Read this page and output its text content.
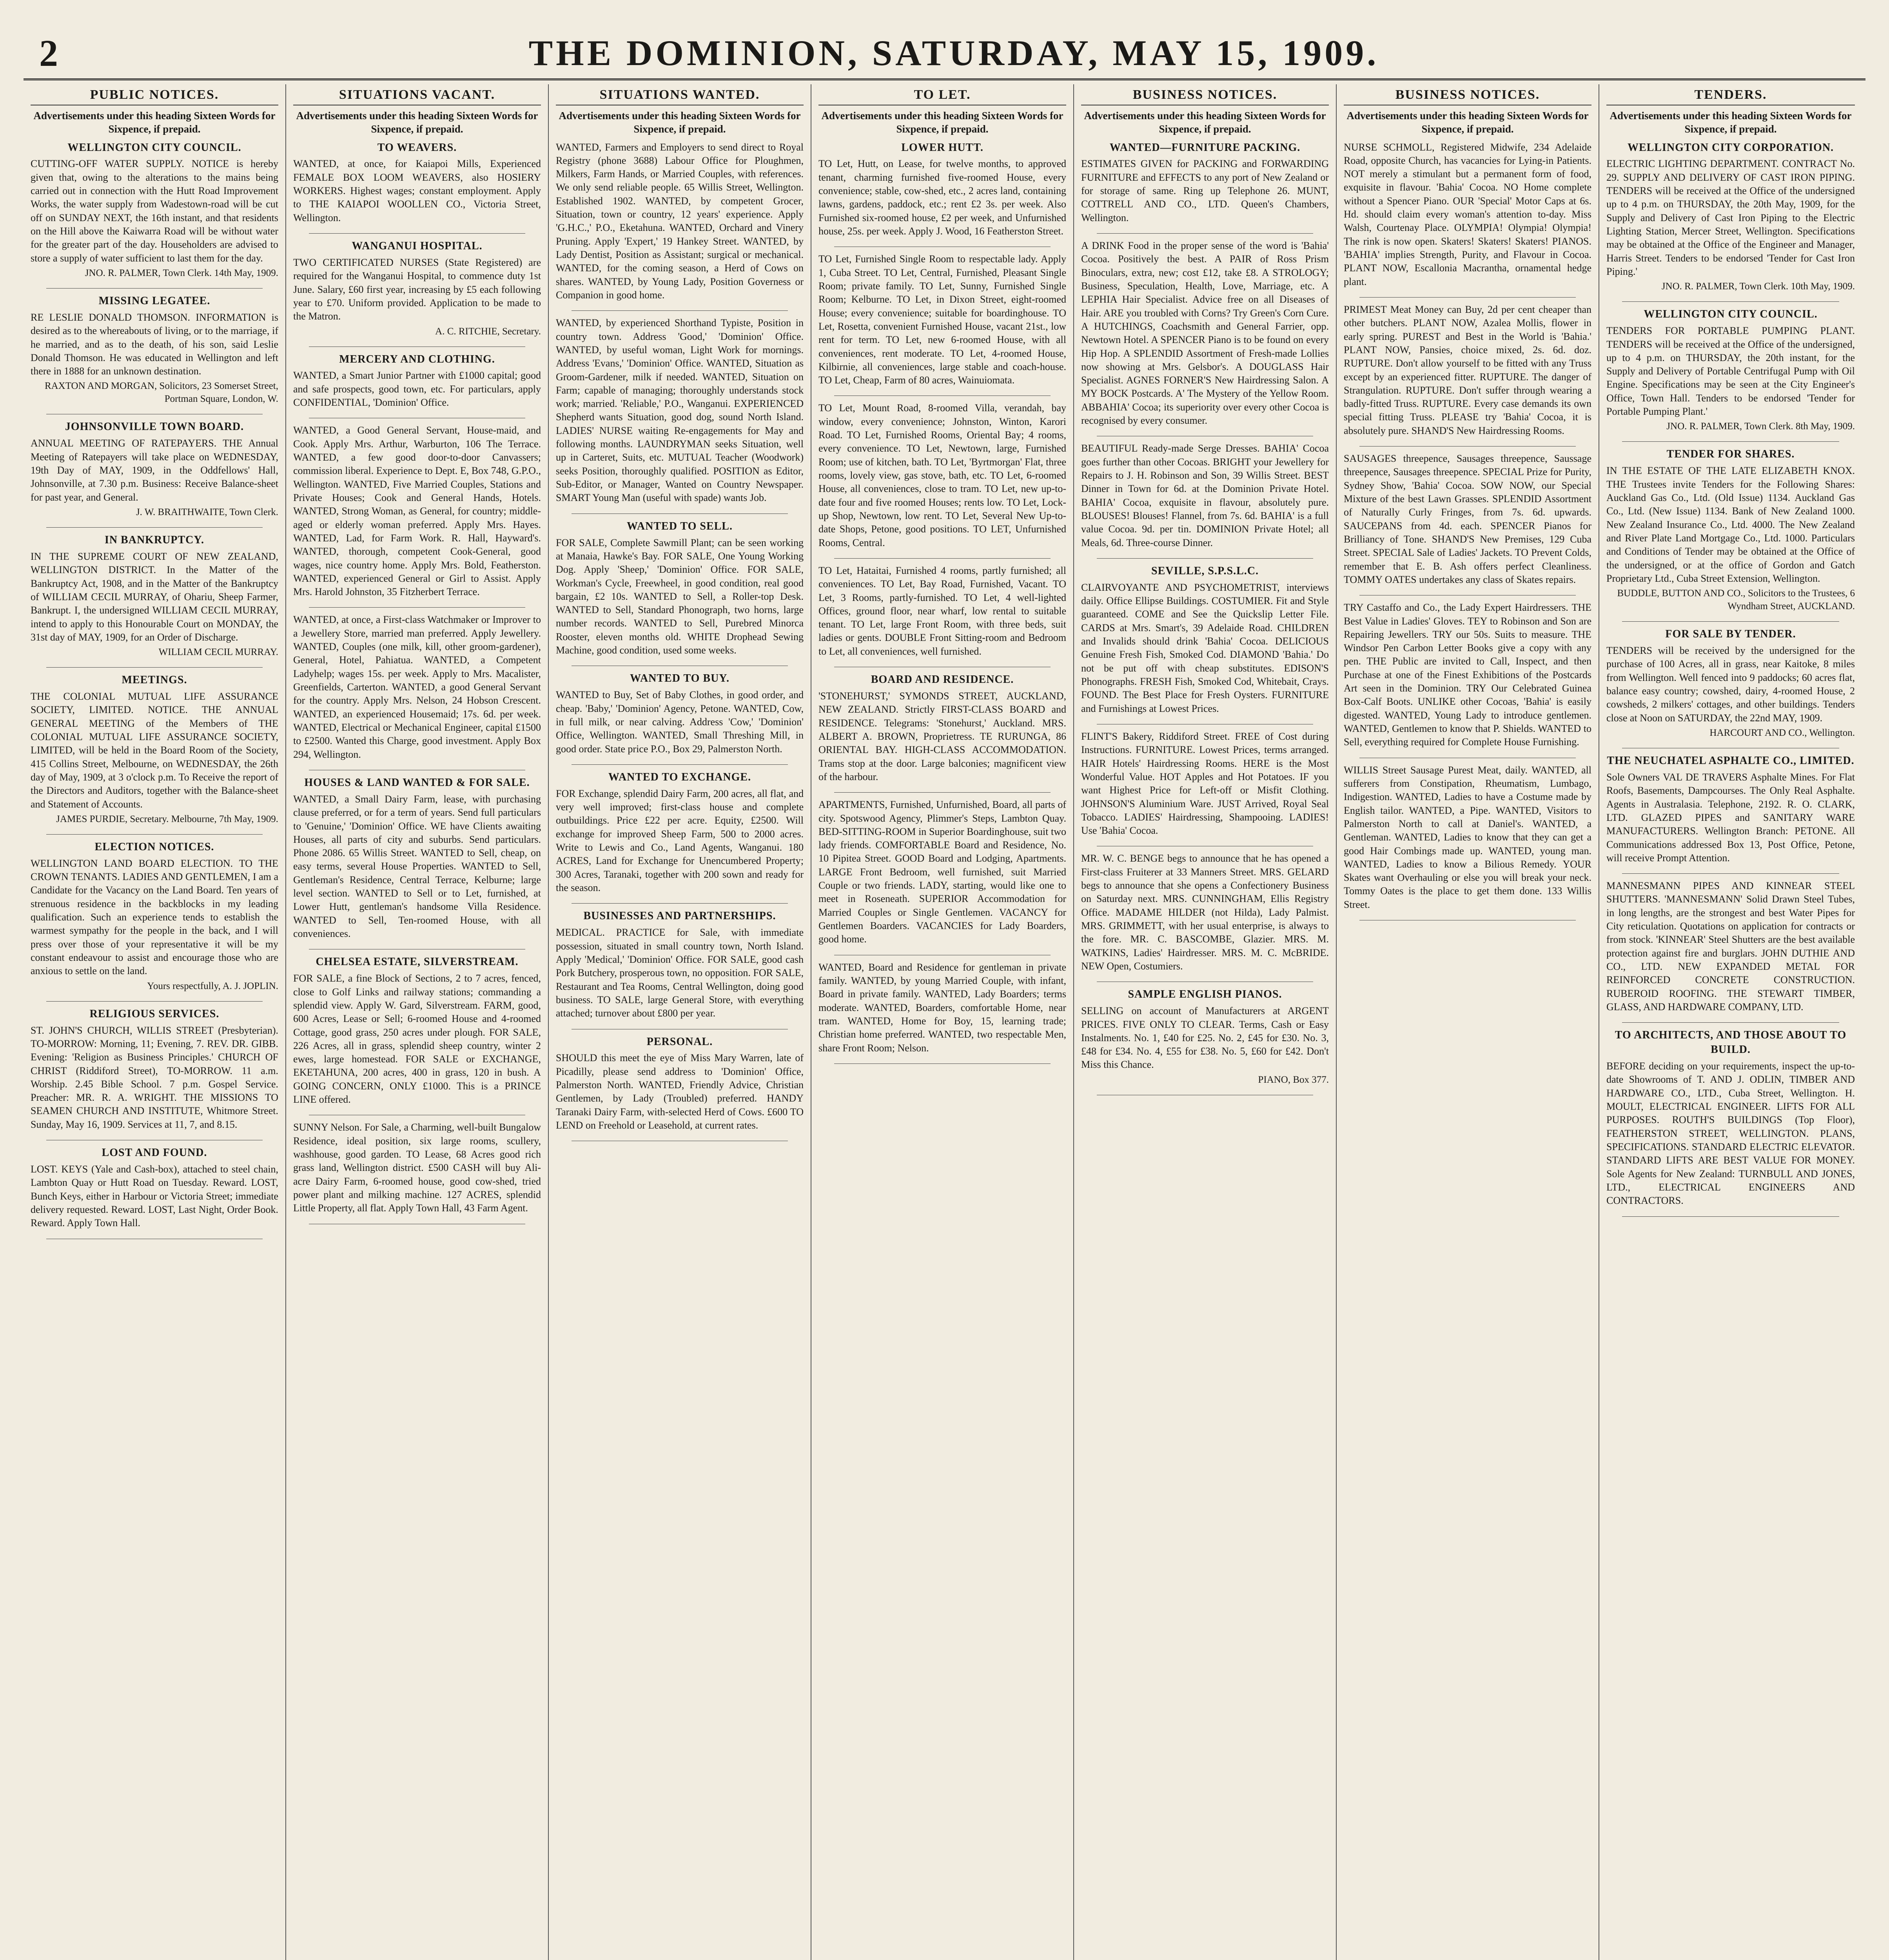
2	THE DOMINION, SATURDAY, MAY 15, 1909.
PUBLIC NOTICES.
Advertisements under this heading Sixteen Words for Sixpence, if prepaid.
WELLINGTON CITY COUNCIL.
CUTTING-OFF WATER SUPPLY. NOTICE is hereby given that, owing to the alterations to the mains being carried out in connection with the Hutt Road Improvement Works, the water supply from Wadestown-road will be cut off on SUNDAY NEXT, the 16th instant, and that residents on the Hill above the Kaiwarra Road will be without water for the greater part of the day. Householders are advised to store a supply of water sufficient to last them for the day.
JNO. R. PALMER, Town Clerk. 14th May, 1909.
MISSING LEGATEE.
RE LESLIE DONALD THOMSON. INFORMATION is desired as to the whereabouts of living, or to the marriage, if he married, and as to the death, of his son, said Leslie Donald Thomson. He was educated in Wellington and left there in 1888 for an unknown destination.
RAXTON AND MORGAN, Solicitors, 23 Somerset Street, Portman Square, London, W.
JOHNSONVILLE TOWN BOARD.
ANNUAL MEETING OF RATEPAYERS. THE Annual Meeting of Ratepayers will take place on WEDNESDAY, 19th Day of MAY, 1909, in the Oddfellows' Hall, Johnsonville, at 7.30 p.m. Business: Receive Balance-sheet for past year, and General.
J. W. BRAITHWAITE, Town Clerk.
IN BANKRUPTCY.
IN THE SUPREME COURT OF NEW ZEALAND, WELLINGTON DISTRICT. In the Matter of the Bankruptcy Act, 1908, and in the Matter of the Bankruptcy of WILLIAM CECIL MURRAY, of Ohariu, Sheep Farmer, Bankrupt. I, the undersigned WILLIAM CECIL MURRAY, intend to apply to this Honourable Court on MONDAY, the 31st day of MAY, 1909, for an Order of Discharge.
WILLIAM CECIL MURRAY.
MEETINGS.
THE COLONIAL MUTUAL LIFE ASSURANCE SOCIETY, LIMITED. NOTICE. THE ANNUAL GENERAL MEETING of the Members of THE COLONIAL MUTUAL LIFE ASSURANCE SOCIETY, LIMITED, will be held in the Board Room of the Society, 415 Collins Street, Melbourne, on WEDNESDAY, the 26th day of May, 1909, at 3 o'clock p.m. To Receive the report of the Directors and Auditors, together with the Balance-sheet and Statement of Accounts.
JAMES PURDIE, Secretary. Melbourne, 7th May, 1909.
ELECTION NOTICES.
WELLINGTON LAND BOARD ELECTION. TO THE CROWN TENANTS. LADIES AND GENTLEMEN, I am a Candidate for the Vacancy on the Land Board. Ten years of strenuous residence in the backblocks in my leading qualification. Such an experience tends to establish the warmest sympathy for the people in the back, and I will press over those of your representative it will be my constant endeavour to assist and encourage those who are anxious to settle on the land.
Yours respectfully, A. J. JOPLIN.
RELIGIOUS SERVICES.
ST. JOHN'S CHURCH, WILLIS STREET (Presbyterian). TO-MORROW: Morning, 11; Evening, 7. REV. DR. GIBB. Evening: 'Religion as Business Principles.' CHURCH OF CHRIST (Riddiford Street), TO-MORROW. 11 a.m. Worship. 2.45 Bible School. 7 p.m. Gospel Service. Preacher: MR. R. A. WRIGHT. THE MISSIONS TO SEAMEN CHURCH AND INSTITUTE, Whitmore Street. Sunday, May 16, 1909. Services at 11, 7, and 8.15.
LOST AND FOUND.
LOST. KEYS (Yale and Cash-box), attached to steel chain, Lambton Quay or Hutt Road on Tuesday. Reward. LOST, Bunch Keys, either in Harbour or Victoria Street; immediate delivery requested. Reward. LOST, Last Night, Order Book. Reward. Apply Town Hall.
SITUATIONS VACANT.
Advertisements under this heading Sixteen Words for Sixpence, if prepaid.
TO WEAVERS.
WANTED, at once, for Kaiapoi Mills, Experienced FEMALE BOX LOOM WEAVERS, also HOSIERY WORKERS. Highest wages; constant employment. Apply to THE KAIAPOI WOOLLEN CO., Victoria Street, Wellington.
WANGANUI HOSPITAL.
TWO CERTIFICATED NURSES (State Registered) are required for the Wanganui Hospital, to commence duty 1st June. Salary, £60 first year, increasing by £5 each following year to £70. Uniform provided. Application to be made to the Matron.
A. C. RITCHIE, Secretary.
MERCERY AND CLOTHING.
WANTED, a Smart Junior Partner with £1000 capital; good and safe prospects, good town, etc. For particulars, apply CONFIDENTIAL, 'Dominion' Office.
WANTED, a Good General Servant, House-maid, and Cook. Apply Mrs. Arthur, Warburton, 106 The Terrace. WANTED, a few good door-to-door Canvassers; commission liberal. Experience to Dept. E, Box 748, G.P.O., Wellington. WANTED, Five Married Couples, Stations and Private Houses; Cook and General Hands, Hotels. WANTED, Strong Woman, as General, for country; middle-aged or elderly woman preferred. Apply Mrs. Hayes. WANTED, Lad, for Farm Work. R. Hall, Hayward's. WANTED, thorough, competent Cook-General, good wages, nice country home. Apply Mrs. Bold, Featherston. WANTED, experienced General or Girl to Assist. Apply Mrs. Harold Johnston, 35 Fitzherbert Terrace.
WANTED, at once, a First-class Watchmaker or Improver to a Jewellery Store, married man preferred. Apply Jewellery. WANTED, Couples (one milk, kill, other groom-gardener), General, Hotel, Pahiatua. WANTED, a Competent Ladyhelp; wages 15s. per week. Apply to Mrs. Macalister, Greenfields, Carterton. WANTED, a good General Servant for the country. Apply Mrs. Nelson, 24 Hobson Crescent. WANTED, an experienced Housemaid; 17s. 6d. per week. WANTED, Electrical or Mechanical Engineer, capital £1500 to £2500. Wanted this Charge, good investment. Apply Box 294, Wellington.
HOUSES & LAND WANTED & FOR SALE.
WANTED, a Small Dairy Farm, lease, with purchasing clause preferred, or for a term of years. Send full particulars to 'Genuine,' 'Dominion' Office. WE have Clients awaiting Houses, all parts of city and suburbs. Send particulars. Phone 2086. 65 Willis Street. WANTED to Sell, cheap, on easy terms, several House Properties. WANTED to Sell, Gentleman's Residence, Central Terrace, Kelburne; large level section. WANTED to Sell or to Let, furnished, at Lower Hutt, gentleman's handsome Villa Residence. WANTED to Sell, Ten-roomed House, with all conveniences.
CHELSEA ESTATE, SILVERSTREAM.
FOR SALE, a fine Block of Sections, 2 to 7 acres, fenced, close to Golf Links and railway stations; commanding a splendid view. Apply W. Gard, Silverstream. FARM, good, 600 Acres, Lease or Sell; 6-roomed House and 4-roomed Cottage, good grass, 250 acres under plough. FOR SALE, 226 Acres, all in grass, splendid sheep country, winter 2 ewes, large homestead. FOR SALE or EXCHANGE, EKETAHUNA, 200 acres, 400 in grass, 120 in bush. A GOING CONCERN, ONLY £1000. This is a PRINCE LINE offered.
SUNNY Nelson. For Sale, a Charming, well-built Bungalow Residence, ideal position, six large rooms, scullery, washhouse, good garden. TO Lease, 68 Acres good rich grass land, Wellington district. £500 CASH will buy Ali-acre Dairy Farm, 6-roomed house, good cow-shed, tried power plant and milking machine. 127 ACRES, splendid Little Property, all flat. Apply Town Hall, 43 Farm Agent.
SITUATIONS WANTED.
Advertisements under this heading Sixteen Words for Sixpence, if prepaid.
WANTED, Farmers and Employers to send direct to Royal Registry (phone 3688) Labour Office for Ploughmen, Milkers, Farm Hands, or Married Couples, with references. We only send reliable people. 65 Willis Street, Wellington. Established 1902. WANTED, by competent Grocer, Situation, town or country, 12 years' experience. Apply 'G.H.C.,' P.O., Eketahuna. WANTED, Orchard and Vinery Pruning. Apply 'Expert,' 19 Hankey Street. WANTED, by Lady Dentist, Position as Assistant; surgical or mechanical. WANTED, for the coming season, a Herd of Cows on shares. WANTED, by Young Lady, Position Governess or Companion in good home.
WANTED, by experienced Shorthand Typiste, Position in country town. Address 'Good,' 'Dominion' Office. WANTED, by useful woman, Light Work for mornings. Address 'Evans,' 'Dominion' Office. WANTED, Situation as Groom-Gardener, milk if needed. WANTED, Situation on Farm; capable of managing; thoroughly understands stock work; married. 'Reliable,' P.O., Wanganui. EXPERIENCED Shepherd wants Situation, good dog, sound North Island. LADIES' NURSE waiting Re-engagements for May and following months. LAUNDRYMAN seeks Situation, well up in Carteret, Suits, etc. MUTUAL Teacher (Woodwork) seeks Position, thoroughly qualified. POSITION as Editor, Sub-Editor, or Manager, Wanted on Country Newspaper. SMART Young Man (useful with spade) wants Job.
WANTED TO SELL.
FOR SALE, Complete Sawmill Plant; can be seen working at Manaia, Hawke's Bay. FOR SALE, One Young Working Dog. Apply 'Sheep,' 'Dominion' Office. FOR SALE, Workman's Cycle, Freewheel, in good condition, real good bargain, £2 10s. WANTED to Sell, a Roller-top Desk. WANTED to Sell, Standard Phonograph, two horns, large number records. WANTED to Sell, Purebred Minorca Rooster, eleven months old. WHITE Drophead Sewing Machine, good condition, used some weeks.
WANTED TO BUY.
WANTED to Buy, Set of Baby Clothes, in good order, and cheap. 'Baby,' 'Dominion' Agency, Petone. WANTED, Cow, in full milk, or near calving. Address 'Cow,' 'Dominion' Office, Wellington. WANTED, Small Threshing Mill, in good order. State price P.O., Box 29, Palmerston North.
WANTED TO EXCHANGE.
FOR Exchange, splendid Dairy Farm, 200 acres, all flat, and very well improved; first-class house and complete outbuildings. Price £22 per acre. Equity, £2500. Will exchange for improved Sheep Farm, 500 to 2000 acres. Write to Lewis and Co., Land Agents, Wanganui. 180 ACRES, Land for Exchange for Unencumbered Property; 300 Acres, Taranaki, together with 200 sown and ready for the season.
BUSINESSES AND PARTNERSHIPS.
MEDICAL. PRACTICE for Sale, with immediate possession, situated in small country town, North Island. Apply 'Medical,' 'Dominion' Office. FOR SALE, good cash Pork Butchery, prosperous town, no opposition. FOR SALE, Restaurant and Tea Rooms, Central Wellington, doing good business. TO SALE, large General Store, with everything attached; turnover about £800 per year.
PERSONAL.
SHOULD this meet the eye of Miss Mary Warren, late of Picadilly, please send address to 'Dominion' Office, Palmerston North. WANTED, Friendly Advice, Christian Gentlemen, by Lady (Troubled) preferred. HANDY Taranaki Dairy Farm, with-selected Herd of Cows. £600 TO LEND on Freehold or Leasehold, at current rates.
TO LET.
Advertisements under this heading Sixteen Words for Sixpence, if prepaid.
LOWER HUTT.
TO Let, Hutt, on Lease, for twelve months, to approved tenant, charming furnished five-roomed House, every convenience; stable, cow-shed, etc., 2 acres land, containing lawns, gardens, paddock, etc.; rent £2 3s. per week. Also Furnished six-roomed house, £2 per week, and Unfurnished house, 25s. per week. Apply J. Wood, 16 Featherston Street.
TO Let, Furnished Single Room to respectable lady. Apply 1, Cuba Street. TO Let, Central, Furnished, Pleasant Single Room; private family. TO Let, Sunny, Furnished Single Room; Kelburne. TO Let, in Dixon Street, eight-roomed House; every convenience; suitable for boardinghouse. TO Let, Rosetta, convenient Furnished House, vacant 21st., low rent for term. TO Let, new 6-roomed House, with all conveniences, rent moderate. TO Let, 4-roomed House, Kilbirnie, all conveniences, large stable and coach-house. TO Let, Cheap, Farm of 80 acres, Wainuiomata.
TO Let, Mount Road, 8-roomed Villa, verandah, bay window, every convenience; Johnston, Winton, Karori Road. TO Let, Furnished Rooms, Oriental Bay; 4 rooms, every convenience. TO Let, Newtown, large, Furnished Room; use of kitchen, bath. TO Let, 'Byrtmorgan' Flat, three rooms, lovely view, gas stove, bath, etc. TO Let, 6-roomed House, all conveniences, close to tram. TO Let, new up-to-date four and five roomed Houses; rents low. TO Let, Lock-up Shop, Newtown, low rent. TO Let, Several New Up-to-date Shops, Petone, good positions. TO LET, Unfurnished Rooms, Central.
TO Let, Hataitai, Furnished 4 rooms, partly furnished; all conveniences. TO Let, Bay Road, Furnished, Vacant. TO Let, 3 Rooms, partly-furnished. TO Let, 4 well-lighted Offices, ground floor, near wharf, low rental to suitable tenant. TO Let, large Front Room, with three beds, suit ladies or gents. DOUBLE Front Sitting-room and Bedroom to Let, all conveniences, well furnished.
BOARD AND RESIDENCE.
'STONEHURST,' SYMONDS STREET, AUCKLAND, NEW ZEALAND. Strictly FIRST-CLASS BOARD and RESIDENCE. Telegrams: 'Stonehurst,' Auckland. MRS. ALBERT A. BROWN, Proprietress. TE RURUNGA, 86 ORIENTAL BAY. HIGH-CLASS ACCOMMODATION. Trams stop at the door. Large balconies; magnificent view of the harbour.
APARTMENTS, Furnished, Unfurnished, Board, all parts of city. Spotswood Agency, Plimmer's Steps, Lambton Quay. BED-SITTING-ROOM in Superior Boardinghouse, suit two lady friends. COMFORTABLE Board and Residence, No. 10 Pipitea Street. GOOD Board and Lodging, Apartments. LARGE Front Bedroom, well furnished, suit Married Couple or two friends. LADY, starting, would like one to meet in Roseneath. SUPERIOR Accommodation for Married Couples or Single Gentlemen. VACANCY for Gentlemen Boarders. VACANCIES for Lady Boarders, good home.
WANTED, Board and Residence for gentleman in private family. WANTED, by young Married Couple, with infant, Board in private family. WANTED, Lady Boarders; terms moderate. WANTED, Boarders, comfortable Home, near tram. WANTED, Home for Boy, 15, learning trade; Christian home preferred. WANTED, two respectable Men, share Front Room; Nelson.
BUSINESS NOTICES.
Advertisements under this heading Sixteen Words for Sixpence, if prepaid.
WANTED—FURNITURE PACKING.
ESTIMATES GIVEN for PACKING and FORWARDING FURNITURE and EFFECTS to any port of New Zealand or for storage of same. Ring up Telephone 26. MUNT, COTTRELL AND CO., LTD. Queen's Chambers, Wellington.
A DRINK Food in the proper sense of the word is 'Bahia' Cocoa. Positively the best. A PAIR of Ross Prism Binoculars, extra, new; cost £12, take £8. A STROLOGY; Business, Speculation, Health, Love, Marriage, etc. A LEPHIA Hair Specialist. Advice free on all Diseases of Hair. ARE you troubled with Corns? Try Green's Corn Cure. A HUTCHINGS, Coachsmith and General Farrier, opp. Newtown Hotel. A SPENCER Piano is to be found on every Hip Hop. A SPLENDID Assortment of Fresh-made Lollies now showing at Mrs. Gelsbor's. A DOUGLASS Hair Specialist. AGNES FORNER'S New Hairdressing Salon. A MY BOCK Postcards. A' The Mystery of the Yellow Room. ABBAHIA' Cocoa; its superiority over every other Cocoa is recognised by every consumer.
BEAUTIFUL Ready-made Serge Dresses. BAHIA' Cocoa goes further than other Cocoas. BRIGHT your Jewellery for Repairs to J. H. Robinson and Son, 39 Willis Street. BEST Dinner in Town for 6d. at the Dominion Private Hotel. BAHIA' Cocoa, exquisite in flavour, absolutely pure. BLOUSES! Blouses! Flannel, from 7s. 6d. BAHIA' is a full value Cocoa. 9d. per tin. DOMINION Private Hotel; all Meals, 6d. Three-course Dinner.
SEVILLE, S.P.S.L.C.
CLAIRVOYANTE AND PSYCHOMETRIST, interviews daily. Office Ellipse Buildings. COSTUMIER. Fit and Style guaranteed. COME and See the Quickslip Letter File. CARDS at Mrs. Smart's, 39 Adelaide Road. CHILDREN and Invalids should drink 'Bahia' Cocoa. DELICIOUS Genuine Fresh Fish, Smoked Cod. DIAMOND 'Bahia.' Do not be put off with cheap substitutes. EDISON'S Phonographs. FRESH Fish, Smoked Cod, Whitebait, Crays. FOUND. The Best Place for Fresh Oysters. FURNITURE and Furnishings at Lowest Prices.
FLINT'S Bakery, Riddiford Street. FREE of Cost during Instructions. FURNITURE. Lowest Prices, terms arranged. HAIR Hotels' Hairdressing Rooms. HERE is the Most Wonderful Value. HOT Apples and Hot Potatoes. IF you want Highest Price for Left-off or Misfit Clothing. JOHNSON'S Aluminium Ware. JUST Arrived, Royal Seal Tobacco. LADIES' Hairdressing, Shampooing. LADIES! Use 'Bahia' Cocoa.
MR. W. C. BENGE begs to announce that he has opened a First-class Fruiterer at 33 Manners Street. MRS. GELARD begs to announce that she opens a Confectionery Business on Saturday next. MRS. CUNNINGHAM, Ellis Registry Office. MADAME HILDER (not Hilda), Lady Palmist. MRS. GRIMMETT, with her usual enterprise, is always to the fore. MR. C. BASCOMBE, Glazier. MRS. M. WATKINS, Ladies' Hairdresser. MRS. M. C. McBRIDE. NEW Open, Costumiers.
SAMPLE ENGLISH PIANOS.
SELLING on account of Manufacturers at ARGENT PRICES. FIVE ONLY TO CLEAR. Terms, Cash or Easy Instalments. No. 1, £40 for £25. No. 2, £45 for £30. No. 3, £48 for £34. No. 4, £55 for £38. No. 5, £60 for £42. Don't Miss this Chance.
PIANO, Box 377.
BUSINESS NOTICES.
Advertisements under this heading Sixteen Words for Sixpence, if prepaid.
NURSE SCHMOLL, Registered Midwife, 234 Adelaide Road, opposite Church, has vacancies for Lying-in Patients. NOT merely a stimulant but a permanent form of food, exquisite in flavour. 'Bahia' Cocoa. NO Home complete without a Spencer Piano. OUR 'Special' Motor Caps at 6s. Hd. should claim every woman's attention to-day. Miss Walsh, Courtenay Place. OLYMPIA! Olympia! Olympia! The rink is now open. Skaters! Skaters! Skaters! PIANOS. 'BAHIA' implies Strength, Purity, and Flavour in Cocoa. PLANT NOW, Escallonia Macrantha, ornamental hedge plant.
PRIMEST Meat Money can Buy, 2d per cent cheaper than other butchers. PLANT NOW, Azalea Mollis, flower in early spring. PUREST and Best in the World is 'Bahia.' PLANT NOW, Pansies, choice mixed, 2s. 6d. doz. RUPTURE. Don't allow yourself to be fitted with any Truss except by an experienced fitter. RUPTURE. The danger of Strangulation. RUPTURE. Don't suffer through wearing a badly-fitted Truss. RUPTURE. Every case demands its own special fitting Truss. PLEASE try 'Bahia' Cocoa, it is absolutely pure. SHAND'S New Hairdressing Rooms.
SAUSAGES threepence, Sausages threepence, Saussage threepence, Sausages threepence. SPECIAL Prize for Purity, Sydney Show, 'Bahia' Cocoa. SOW NOW, our Special Mixture of the best Lawn Grasses. SPLENDID Assortment of Naturally Curly Fringes, from 7s. 6d. upwards. SAUCEPANS from 4d. each. SPENCER Pianos for Brilliancy of Tone. SHAND'S New Premises, 129 Cuba Street. SPECIAL Sale of Ladies' Jackets. TO Prevent Colds, remember that E. B. Ash offers perfect Cleanliness. TOMMY OATES undertakes any class of Skates repairs.
TRY Castaffo and Co., the Lady Expert Hairdressers. THE Best Value in Ladies' Gloves. TEY to Robinson and Son are Repairing Jewellers. TRY our 50s. Suits to measure. THE Windsor Pen Carbon Letter Books give a copy with any pen. THE Public are invited to Call, Inspect, and then Purchase at one of the Finest Exhibitions of the Postcards Art seen in the Dominion. TRY Our Celebrated Guinea Box-Calf Boots. UNLIKE other Cocoas, 'Bahia' is easily digested. WANTED, Young Lady to introduce gentlemen. WANTED, Gentlemen to know that P. Shields. WANTED to Sell, everything required for Complete House Furnishing.
WILLIS Street Sausage Purest Meat, daily. WANTED, all sufferers from Constipation, Rheumatism, Lumbago, Indigestion. WANTED, Ladies to have a Costume made by English tailor. WANTED, a Pipe. WANTED, Visitors to Palmerston North to call at Daniel's. WANTED, a Gentleman. WANTED, Ladies to know that they can get a good Hair Combings made up. WANTED, young man. WANTED, Ladies to know a Bilious Remedy. YOUR Skates want Overhauling or else you will break your neck. Tommy Oates is the place to get them done. 133 Willis Street.
TENDERS.
Advertisements under this heading Sixteen Words for Sixpence, if prepaid.
WELLINGTON CITY CORPORATION.
ELECTRIC LIGHTING DEPARTMENT. CONTRACT No. 29. SUPPLY AND DELIVERY OF CAST IRON PIPING. TENDERS will be received at the Office of the undersigned up to 4 p.m. on THURSDAY, the 20th May, 1909, for the Supply and Delivery of Cast Iron Piping to the Electric Lighting Station, Mercer Street, Wellington. Specifications may be obtained at the Office of the Engineer and Manager, Harris Street. Tenders to be endorsed 'Tender for Cast Iron Piping.'
JNO. R. PALMER, Town Clerk. 10th May, 1909.
WELLINGTON CITY COUNCIL.
TENDERS FOR PORTABLE PUMPING PLANT. TENDERS will be received at the Office of the undersigned, up to 4 p.m. on THURSDAY, the 20th instant, for the Supply and Delivery of Portable Centrifugal Pump with Oil Engine. Specifications may be seen at the City Engineer's Office, Town Hall. Tenders to be endorsed 'Tender for Portable Pumping Plant.'
JNO. R. PALMER, Town Clerk. 8th May, 1909.
TENDER FOR SHARES.
IN THE ESTATE OF THE LATE ELIZABETH KNOX. THE Trustees invite Tenders for the Following Shares: Auckland Gas Co., Ltd. (Old Issue) 1134. Auckland Gas Co., Ltd. (New Issue) 1134. Bank of New Zealand 1000. New Zealand Insurance Co., Ltd. 4000. The New Zealand and River Plate Land Mortgage Co., Ltd. 1000. Particulars and Conditions of Tender may be obtained at the Office of the undersigned, or at the office of Gordon and Gatch Proprietary Ltd., Cuba Street Extension, Wellington.
BUDDLE, BUTTON AND CO., Solicitors to the Trustees, 6 Wyndham Street, AUCKLAND.
FOR SALE BY TENDER.
TENDERS will be received by the undersigned for the purchase of 100 Acres, all in grass, near Kaitoke, 8 miles from Wellington. Well fenced into 9 paddocks; 60 acres flat, balance easy country; cowshed, dairy, 4-roomed House, 2 cowsheds, 2 milkers' cottages, and other buildings. Tenders close at Noon on SATURDAY, the 22nd MAY, 1909.
HARCOURT AND CO., Wellington.
THE NEUCHATEL ASPHALTE CO., LIMITED.
Sole Owners VAL DE TRAVERS Asphalte Mines. For Flat Roofs, Basements, Dampcourses. The Only Real Asphalte. Agents in Australasia. Telephone, 2192. R. O. CLARK, LTD. GLAZED PIPES and SANITARY WARE MANUFACTURERS. Wellington Branch: PETONE. All Communications addressed Box 13, Post Office, Petone, will receive Prompt Attention.
MANNESMANN PIPES AND KINNEAR STEEL SHUTTERS. 'MANNESMANN' Solid Drawn Steel Tubes, in long lengths, are the strongest and best Water Pipes for City reticulation. Quotations on application for contracts or from stock. 'KINNEAR' Steel Shutters are the best available protection against fire and burglars. JOHN DUTHIE AND CO., LTD. NEW EXPANDED METAL FOR REINFORCED CONCRETE CONSTRUCTION. RUBEROID ROOFING. THE STEWART TIMBER, GLASS, AND HARDWARE COMPANY, LTD.
TO ARCHITECTS, AND THOSE ABOUT TO BUILD.
BEFORE deciding on your requirements, inspect the up-to-date Showrooms of T. AND J. ODLIN, TIMBER AND HARDWARE CO., LTD., Cuba Street, Wellington. H. MOULT, ELECTRICAL ENGINEER. LIFTS FOR ALL PURPOSES. ROUTH'S BUILDINGS (Top Floor), FEATHERSTON STREET, WELLINGTON. PLANS, SPECIFICATIONS. STANDARD ELECTRIC ELEVATOR. STANDARD LIFTS ARE BEST VALUE FOR MONEY. Sole Agents for New Zealand: TURNBULL AND JONES, LTD., ELECTRICAL ENGINEERS AND CONTRACTORS.
